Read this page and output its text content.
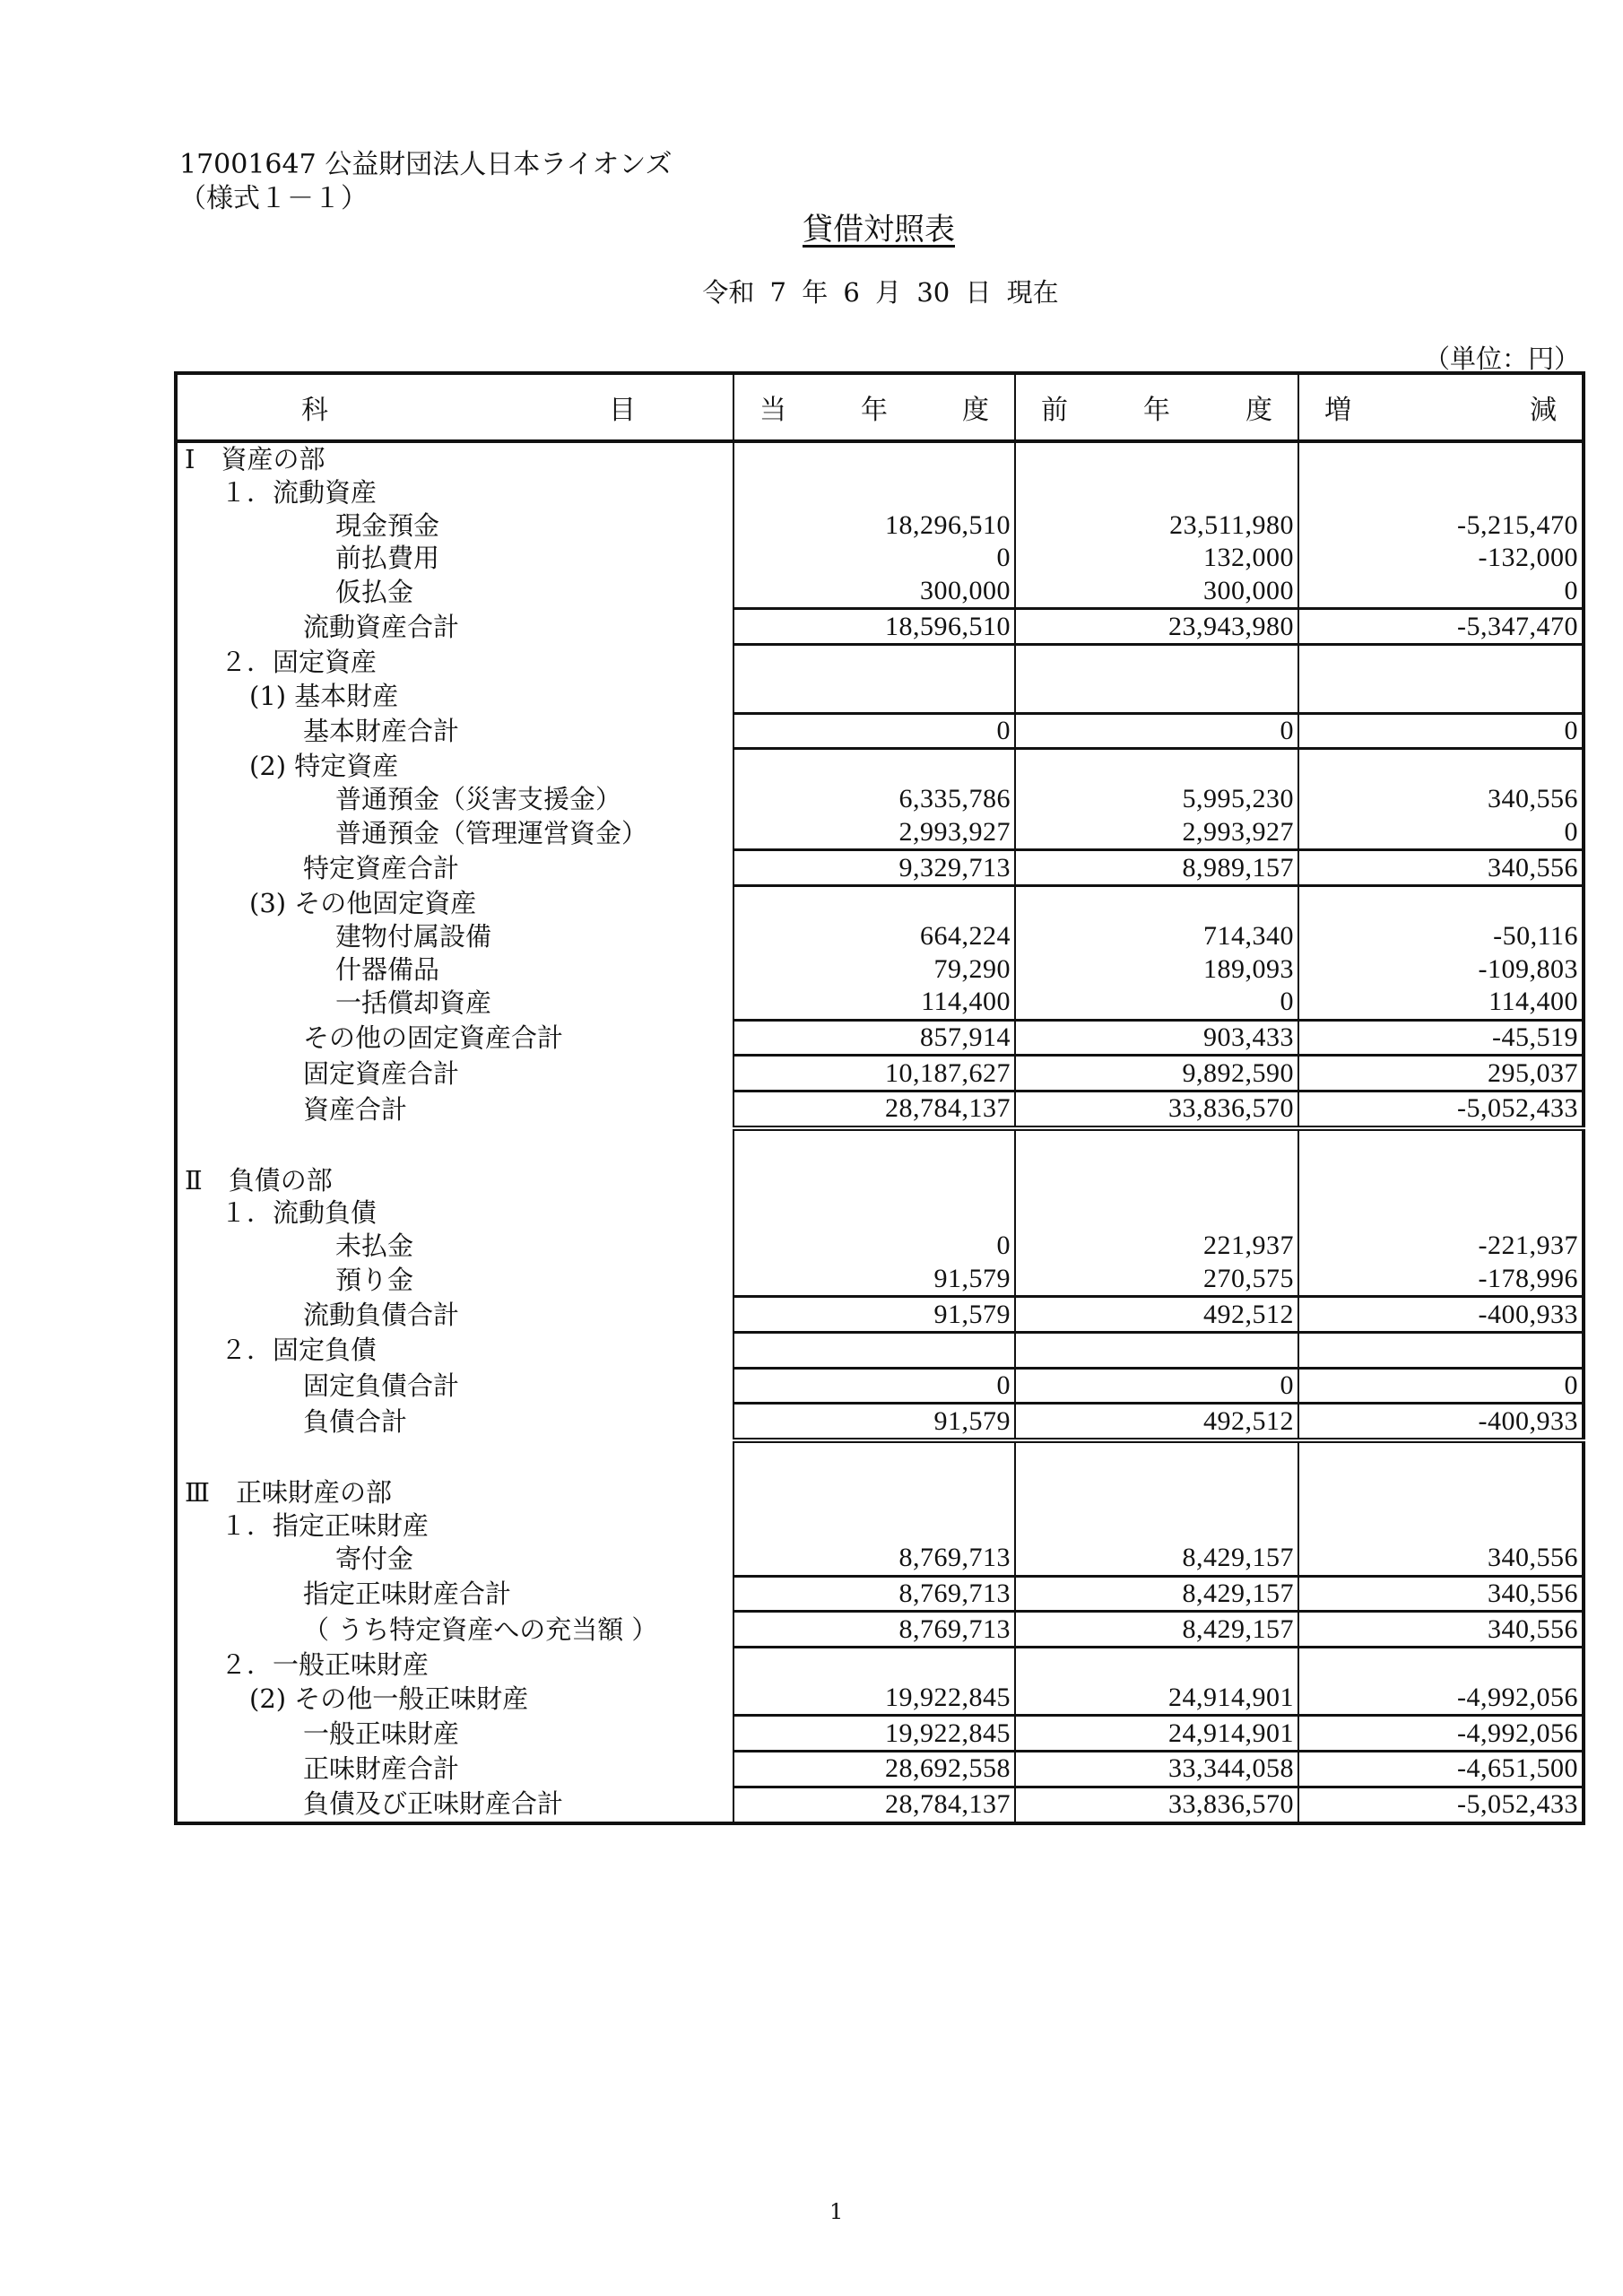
17001647 公益財団法人日本ライオンズ
（様式１－１）
貸借対照表
令和 7 年 6 月 30 日 現在
（単位：円）
科 目	当 年 度	前 年 度	増 減

Ⅰ　資産の部			
１．流動資産			
現金預金	18,296,510	23,511,980	-5,215,470
前払費用	0	132,000	-132,000
仮払金	300,000	300,000	0
流動資産合計	18,596,510	23,943,980	-5,347,470
２．固定資産			
(1) 基本財産			
基本財産合計	0	0	0
(2) 特定資産			
普通預金（災害支援金）	6,335,786	5,995,230	340,556
普通預金（管理運営資金）	2,993,927	2,993,927	0
特定資産合計	9,329,713	8,989,157	340,556
(3) その他固定資産			
建物付属設備	664,224	714,340	-50,116
什器備品	79,290	189,093	-109,803
一括償却資産	114,400	0	114,400
その他の固定資産合計	857,914	903,433	-45,519
固定資産合計	10,187,627	9,892,590	295,037
資産合計	28,784,137	33,836,570	-5,052,433

Ⅱ　負債の部			
１．流動負債			
未払金	0	221,937	-221,937
預り金	91,579	270,575	-178,996
流動負債合計	91,579	492,512	-400,933
２．固定負債			
固定負債合計	0	0	0
負債合計	91,579	492,512	-400,933

Ⅲ　正味財産の部			
１．指定正味財産			
寄付金	8,769,713	8,429,157	340,556
指定正味財産合計	8,769,713	8,429,157	340,556
（ うち特定資産への充当額 ）	8,769,713	8,429,157	340,556
２．一般正味財産			
(2) その他一般正味財産	19,922,845	24,914,901	-4,992,056
一般正味財産	19,922,845	24,914,901	-4,992,056
正味財産合計	28,692,558	33,344,058	-4,651,500
負債及び正味財産合計	28,784,137	33,836,570	-5,052,433
1
